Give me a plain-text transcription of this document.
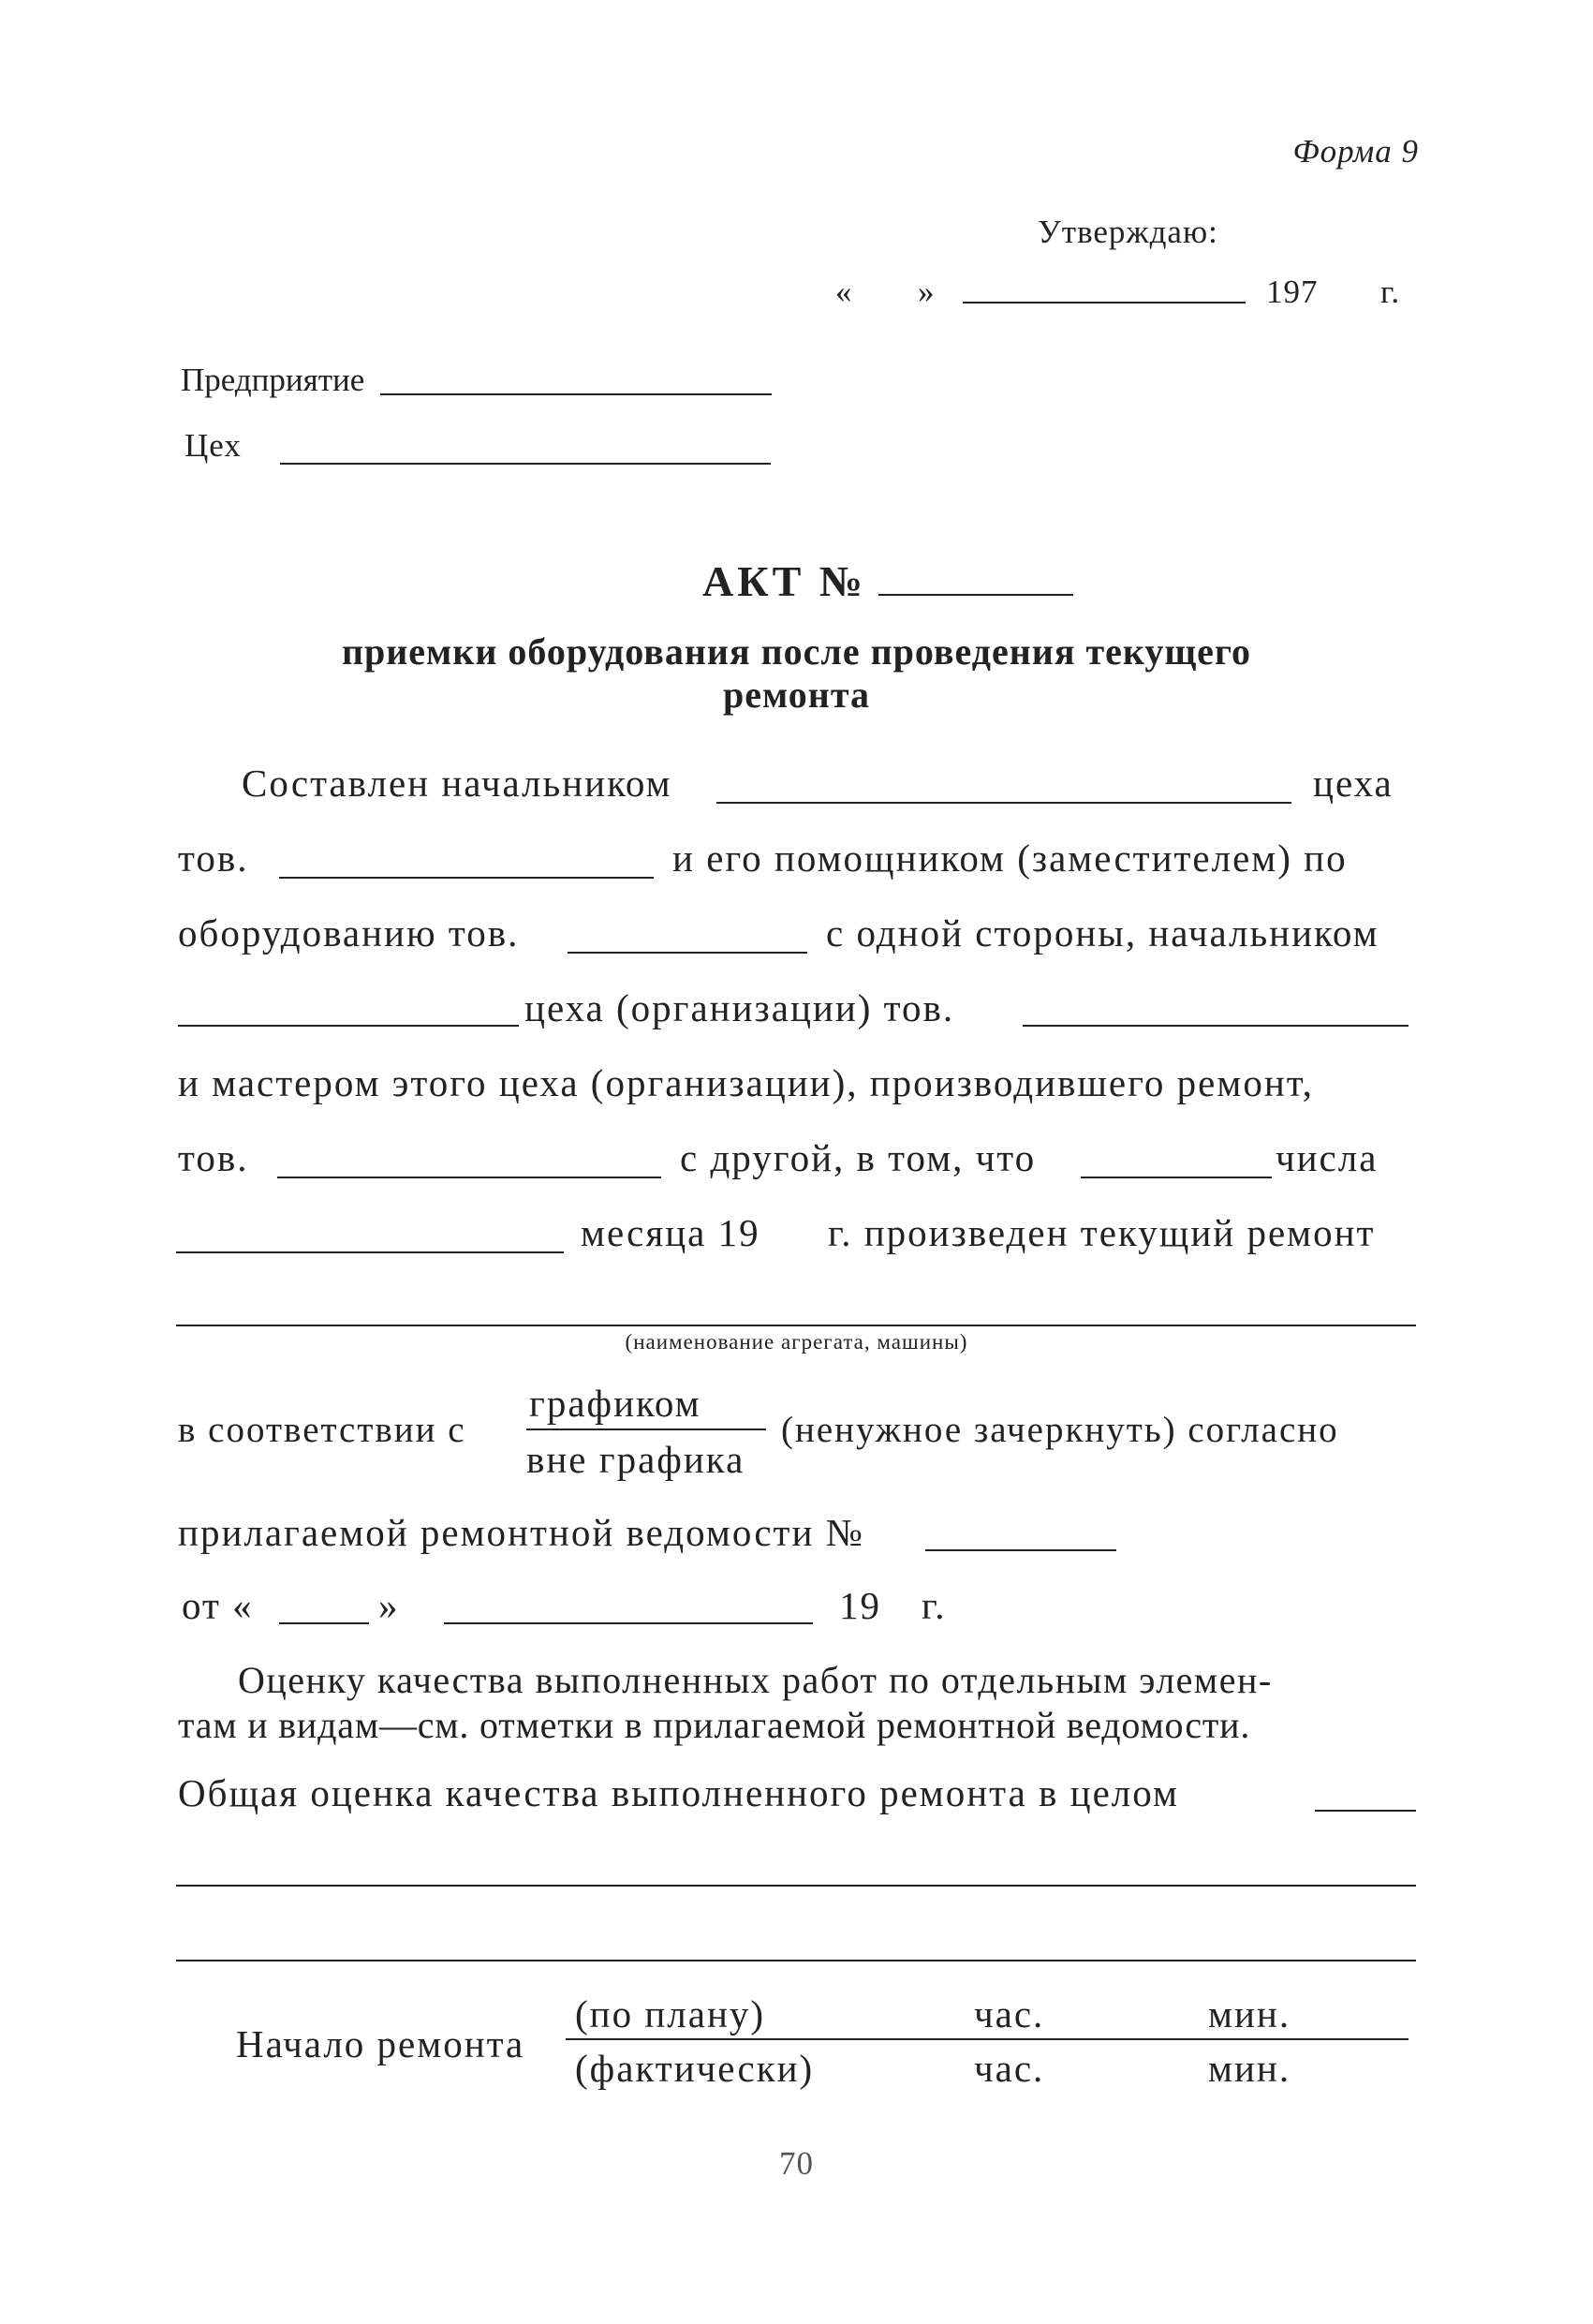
Форма 9
Утверждаю:
« »	197 г.
Предприятие
Цех
АКТ №
приемки оборудования после проведения текущего
ремонта
Составлен начальником	цеха
тов.	и его помощником (заместителем) по
оборудованию тов.	с одной стороны, начальником
цеха (организации) тов.
и мастером этого цеха (организации), производившего ремонт,
тов.	с другой, в том, что	числа
месяца 19 г. произведен текущий ремонт
(наименование агрегата, машины)
в соответствии с
графиком
вне графика
(ненужное зачеркнуть) согласно
прилагаемой ремонтной ведомости №
от «	»	19 г.
Оценку качества выполненных работ по отдельным элемен-
там и видам—см. отметки в прилагаемой ремонтной ведомости.
Общая оценка качества выполненного ремонта в целом
Начало ремонта
(по плану)	час.	мин.
(фактически)	час.	мин.
70
